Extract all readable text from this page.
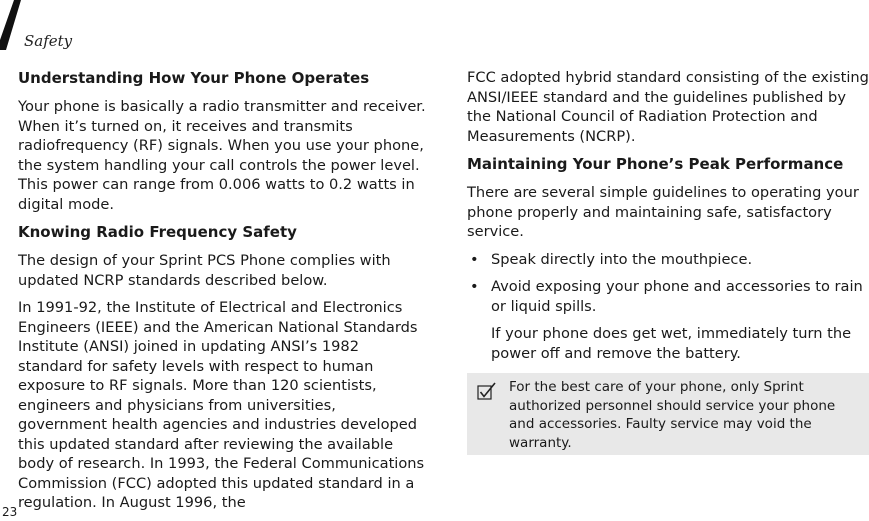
Safety
Understanding How Your Phone Operates

Your phone is basically a radio transmitter and receiver. When it’s turned on, it receives and transmits radiofrequency (RF) signals. When you use your phone, the system handling your call controls the power level. This power can range from 0.006 watts to 0.2 watts in digital mode.

Knowing Radio Frequency Safety

The design of your Sprint PCS Phone complies with updated NCRP standards described below.

In 1991-92, the Institute of Electrical and Electronics Engineers (IEEE) and the American National Standards Institute (ANSI) joined in updating ANSI’s 1982 standard for safety levels with respect to human exposure to RF signals. More than 120 scientists, engineers and physicians from universities, government health agencies and industries developed this updated standard after reviewing the available body of research. In 1993, the Federal Communications Commission (FCC) adopted this updated standard in a regulation. In August 1996, the

FCC adopted hybrid standard consisting of the existing ANSI/IEEE standard and the guidelines published by the National Council of Radiation Protection and Measurements (NCRP).

Maintaining Your Phone’s Peak Performance

There are several simple guidelines to operating your phone properly and maintaining safe, satisfactory service.

• Speak directly into the mouthpiece.
• Avoid exposing your phone and accessories to rain or liquid spills.

If your phone does get wet, immediately turn the power off and remove the battery.

For the best care of your phone, only Sprint authorized personnel should service your phone and accessories. Faulty service may void the warranty.

23
